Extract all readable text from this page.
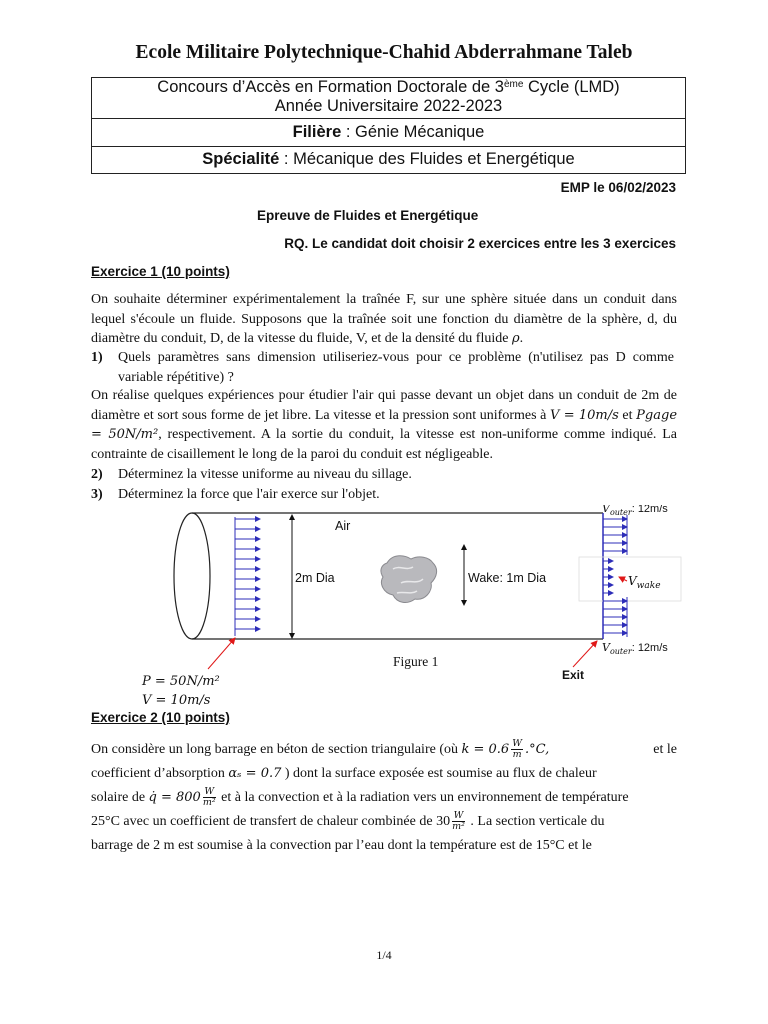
Ecole Militaire Polytechnique-Chahid Abderrahmane Taleb
Concours d’Accès en Formation Doctorale de 3ème Cycle (LMD)
Année Universitaire 2022-2023
Filière : Génie Mécanique
Spécialité : Mécanique des Fluides et Energétique
EMP le 06/02/2023
Epreuve de Fluides et Energétique
RQ. Le candidat doit choisir 2 exercices entre les 3 exercices
Exercice 1 (10 points)
On souhaite déterminer expérimentalement la traînée F, sur une sphère située dans un conduit dans lequel s'écoule un fluide. Supposons que la traînée soit une fonction du diamètre de la sphère, d, du diamètre du conduit, D, de la vitesse du fluide, V, et de la densité du fluide ρ.
1) Quels paramètres sans dimension utiliseriez-vous pour ce problème (n'utilisez pas D comme variable répétitive) ?
On réalise quelques expériences pour étudier l'air qui passe devant un objet dans un conduit de 2m de diamètre et sort sous forme de jet libre. La vitesse et la pression sont uniformes à V = 10m/s et Pgage = 50N/m², respectivement. A la sortie du conduit, la vitesse est non-uniforme comme indiqué. La contrainte de cisaillement le long de la paroi du conduit est négligeable.
2) Déterminez la vitesse uniforme au niveau du sillage.
3) Déterminez la force que l'air exerce sur l'objet.
2m Dia
Air
Wake: 1m Dia
$V_{outer}$: 12m/s
$V_{outer}$: 12m/s
$V_{wake}$
P = 50N/m²
V = 10m/s
Figure 1
Exit
Exercice 2 (10 points)
On considère un long barrage en béton de section triangulaire (où $k = 0.6 \frac{W}{m} .^\circ C$,	et le
coefficient d’absorption αₛ = 0.7 ) dont la surface exposée est soumise au flux de chaleur
solaire de q̇ = $800 \frac{W}{\text{m²}}$ et à la convection et à la radiation vers un environnement de température
25°C avec un coefficient de transfert de chaleur combinée de $30 \frac{W}{\text{m²}}$ . La section verticale du
barrage de 2 m est soumise à la convection par l’eau dont la température est de 15°C et le
1/4
